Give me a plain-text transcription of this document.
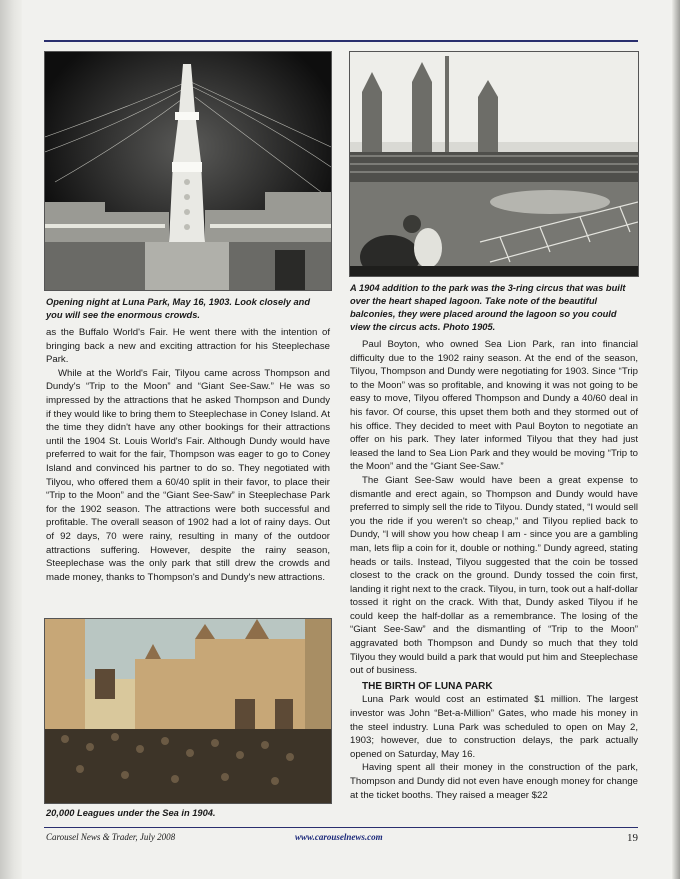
Opening night at Luna Park, May 16, 1903. Look closely and you will see the enormous crowds.

A 1904 addition to the park was the 3-ring circus that was built over the heart shaped lagoon. Take note of the beautiful balconies, they were placed around the lagoon so you could view the circus acts. Photo 1905.

as the Buffalo World's Fair. He went there with the intention of bringing back a new and exciting attraction for his Steeplechase Park.

While at the World's Fair, Tilyou came across Thompson and Dundy's “Trip to the Moon” and “Giant See-Saw.” He was so impressed by the attractions that he asked Thompson and Dundy if they would like to bring them to Steeplechase in Coney Island. At the time they didn't have any other bookings for their attractions until the 1904 St. Louis World's Fair. Although Dundy would have preferred to wait for the fair, Thompson was eager to go to Coney Island and convinced his partner to do so. They negotiated with Tilyou, who offered them a 60/40 split in their favor, to place their “Trip to the Moon” and the “Giant See-Saw” in Steeplechase Park for the 1902 season. The attractions were both successful and profitable. The overall season of 1902 had a lot of rainy days. Out of 92 days, 70 were rainy, resulting in many of the outdoor attractions suffering. However, despite the rainy season, Steeplechase was the only park that still drew the crowds and made money, thanks to Thompson's and Dundy's new attractions.

20,000 Leagues under the Sea in 1904.

Paul Boyton, who owned Sea Lion Park, ran into financial difficulty due to the 1902 rainy season. At the end of the season, Tilyou, Thompson and Dundy were negotiating for 1903. Since “Trip to the Moon” was so profitable, and knowing it was not going to be easy to move, Tilyou offered Thompson and Dundy a 40/60 deal in his favor. Of course, this upset them both and they stormed out of his office. They decided to meet with Paul Boyton to negotiate an offer on his park. They later informed Tilyou that they had just leased the land to Sea Lion Park and they would be moving “Trip to the Moon” and the “Giant See-Saw.”

The Giant See-Saw would have been a great expense to dismantle and erect again, so Thompson and Dundy would have preferred to simply sell the ride to Tilyou. Dundy stated, “I would sell you the ride if you weren't so cheap,” and Tilyou replied back to Dundy, “I will show you how cheap I am - since you are a gambling man, lets flip a coin for it, double or nothing.” Dundy agreed, stating heads or tails. Instead, Tilyou suggested that the coin be tossed closest to the crack on the ground. Dundy tossed the coin first, landing it right next to the crack. Tilyou, in turn, took out a half-dollar tossed it right on the crack. With that, Dundy asked Tilyou if he could keep the half-dollar as a remembrance. The losing of the “Giant See-Saw” and the dismantling of “Trip to the Moon” aggravated both Thompson and Dundy so much that they told Tilyou they would build a park that would put him and Steeplechase out of business.

THE BIRTH OF LUNA PARK

Luna Park would cost an estimated $1 million. The largest investor was John “Bet-a-Million” Gates, who made his money in the steel industry. Luna Park was scheduled to open on May 2, 1903; however, due to construction delays, the park actually opened on Saturday, May 16.

Having spent all their money in the construction of the park, Thompson and Dundy did not even have enough money for change at the ticket booths. They raised a meager $22

Carousel News & Trader, July 2008	www.carouselnews.com	19
